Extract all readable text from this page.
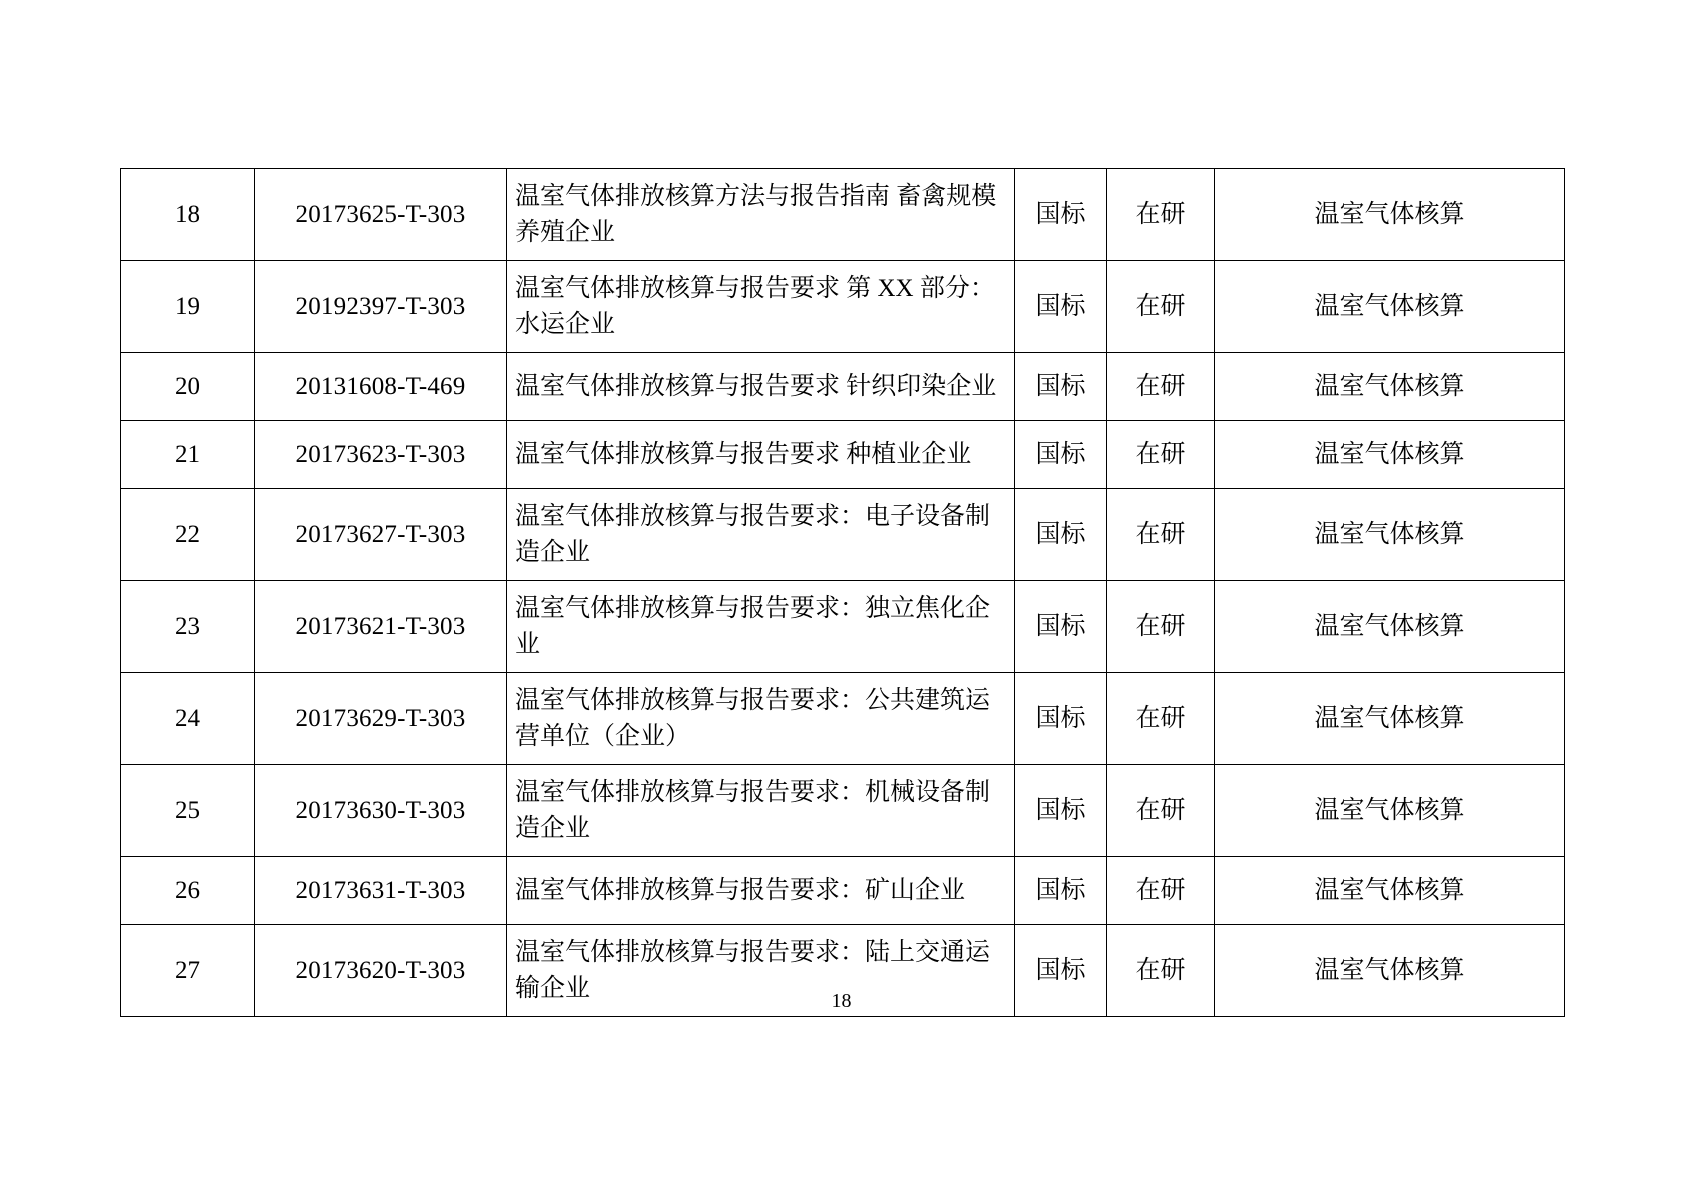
18	20173625-T-303	温室气体排放核算方法与报告指南 畜禽规模养殖企业	国标	在研	温室气体核算
19	20192397-T-303	温室气体排放核算与报告要求 第 XX 部分：水运企业	国标	在研	温室气体核算
20	20131608-T-469	温室气体排放核算与报告要求 针织印染企业	国标	在研	温室气体核算
21	20173623-T-303	温室气体排放核算与报告要求 种植业企业	国标	在研	温室气体核算
22	20173627-T-303	温室气体排放核算与报告要求：电子设备制造企业	国标	在研	温室气体核算
23	20173621-T-303	温室气体排放核算与报告要求：独立焦化企业	国标	在研	温室气体核算
24	20173629-T-303	温室气体排放核算与报告要求：公共建筑运营单位（企业）	国标	在研	温室气体核算
25	20173630-T-303	温室气体排放核算与报告要求：机械设备制造企业	国标	在研	温室气体核算
26	20173631-T-303	温室气体排放核算与报告要求：矿山企业	国标	在研	温室气体核算
27	20173620-T-303	温室气体排放核算与报告要求：陆上交通运输企业	国标	在研	温室气体核算
18
